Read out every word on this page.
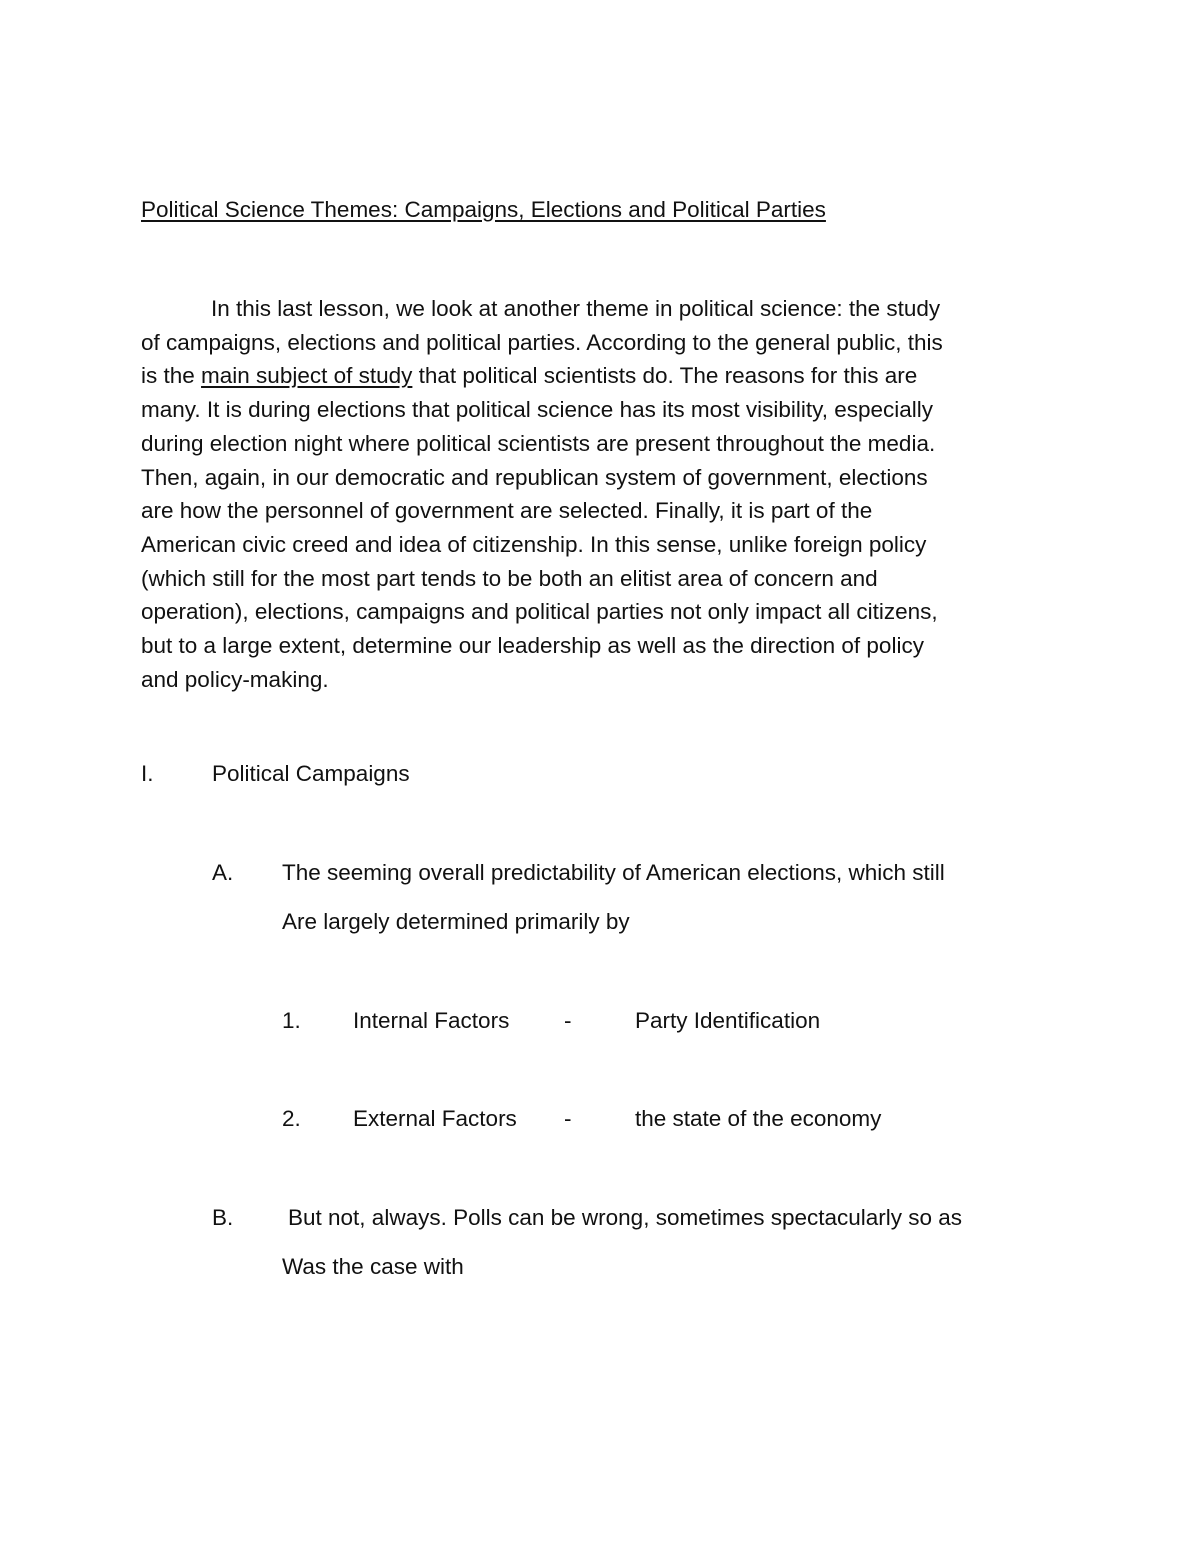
Political Science Themes: Campaigns, Elections and Political Parties
In this last lesson, we look at another theme in political science: the study
of campaigns, elections and political parties. According to the general public, this
is the main subject of study that political scientists do. The reasons for this are
many. It is during elections that political science has its most visibility, especially
during election night where political scientists are present throughout the media.
Then, again, in our democratic and republican system of government, elections
are how the personnel of government are selected. Finally, it is part of the
American civic creed and idea of citizenship. In this sense, unlike foreign policy
(which still for the most part tends to be both an elitist area of concern and
operation), elections, campaigns and political parties not only impact all citizens,
but to a large extent, determine our leadership as well as the direction of policy
and policy-making.
I.	Political Campaigns
A. The seeming overall predictability of American elections, which still
Are largely determined primarily by
1. Internal Factors -	Party Identification
2. External Factors -	the state of the economy
B. But not, always. Polls can be wrong, sometimes spectacularly so as
Was the case with
